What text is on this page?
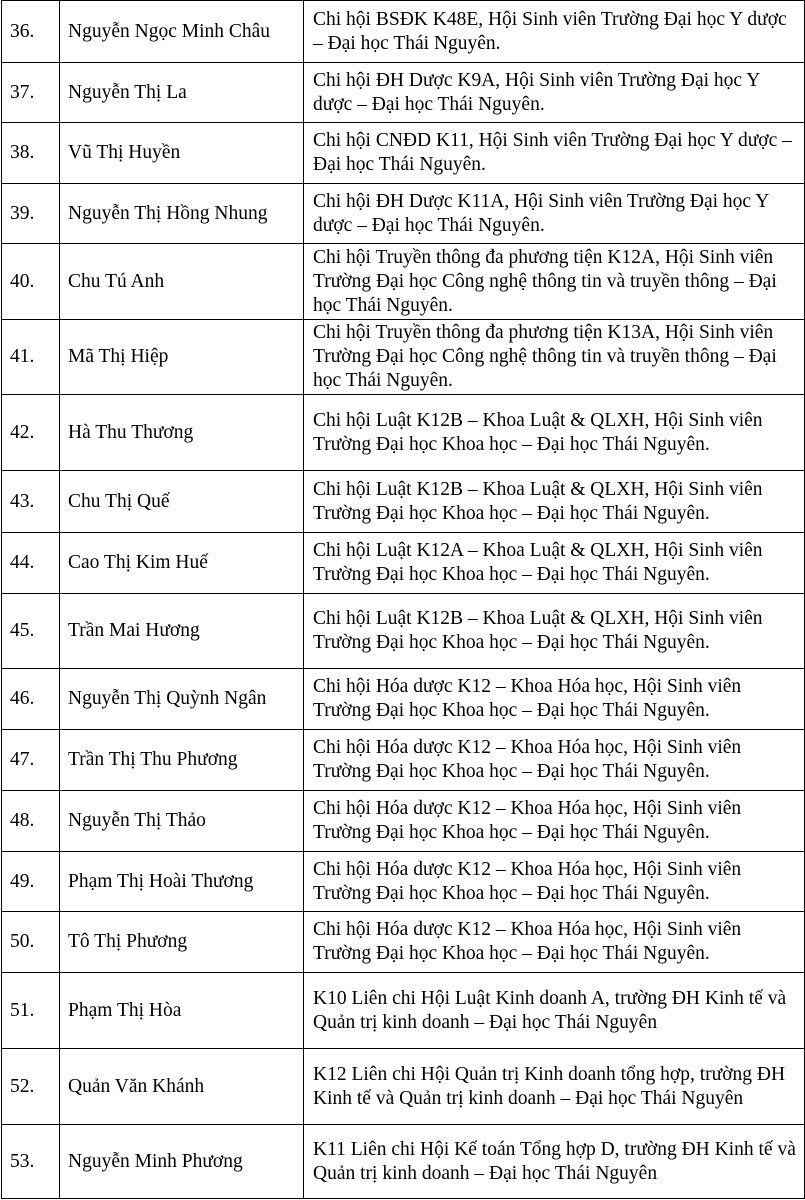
36.	Nguyễn Ngọc Minh Châu	Chi hội BSĐK K48E, Hội Sinh viên Trường Đại học Y dược – Đại học Thái Nguyên.
37.	Nguyễn Thị La	Chi hội ĐH Dược K9A, Hội Sinh viên Trường Đại học Y dược – Đại học Thái Nguyên.
38.	Vũ Thị Huyền	Chi hội CNĐD K11, Hội Sinh viên Trường Đại học Y dược – Đại học Thái Nguyên.
39.	Nguyễn Thị Hồng Nhung	Chi hội ĐH Dược K11A, Hội Sinh viên Trường Đại học Y dược – Đại học Thái Nguyên.
40.	Chu Tú Anh	Chi hội Truyền thông đa phương tiện K12A, Hội Sinh viên Trường Đại học Công nghệ thông tin và truyền thông – Đại học Thái Nguyên.
41.	Mã Thị Hiệp	Chi hội Truyền thông đa phương tiện K13A, Hội Sinh viên Trường Đại học Công nghệ thông tin và truyền thông – Đại học Thái Nguyên.
42.	Hà Thu Thương	Chi hội Luật K12B – Khoa Luật & QLXH, Hội Sinh viên Trường Đại học Khoa học – Đại học Thái Nguyên.
43.	Chu Thị Quế	Chi hội Luật K12B – Khoa Luật & QLXH, Hội Sinh viên Trường Đại học Khoa học – Đại học Thái Nguyên.
44.	Cao Thị Kim Huế	Chi hội Luật K12A – Khoa Luật & QLXH, Hội Sinh viên Trường Đại học Khoa học – Đại học Thái Nguyên.
45.	Trần Mai Hương	Chi hội Luật K12B – Khoa Luật & QLXH, Hội Sinh viên Trường Đại học Khoa học – Đại học Thái Nguyên.
46.	Nguyễn Thị Quỳnh Ngân	Chi hội Hóa dược K12 – Khoa Hóa học, Hội Sinh viên Trường Đại học Khoa học – Đại học Thái Nguyên.
47.	Trần Thị Thu Phương	Chi hội Hóa dược K12 – Khoa Hóa học, Hội Sinh viên Trường Đại học Khoa học – Đại học Thái Nguyên.
48.	Nguyễn Thị Thảo	Chi hội Hóa dược K12 – Khoa Hóa học, Hội Sinh viên Trường Đại học Khoa học – Đại học Thái Nguyên.
49.	Phạm Thị Hoài Thương	Chi hội Hóa dược K12 – Khoa Hóa học, Hội Sinh viên Trường Đại học Khoa học – Đại học Thái Nguyên.
50.	Tô Thị Phương	Chi hội Hóa dược K12 – Khoa Hóa học, Hội Sinh viên Trường Đại học Khoa học – Đại học Thái Nguyên.
51.	Phạm Thị Hòa	K10 Liên chi Hội Luật Kinh doanh A, trường ĐH Kinh tế và Quản trị kinh doanh – Đại học Thái Nguyên
52.	Quản Văn Khánh	K12 Liên chi Hội Quản trị Kinh doanh tổng hợp, trường ĐH Kinh tế và Quản trị kinh doanh – Đại học Thái Nguyên
53.	Nguyễn Minh Phương	K11 Liên chi Hội Kế toán Tổng hợp D, trường ĐH Kinh tế và Quản trị kinh doanh – Đại học Thái Nguyên
